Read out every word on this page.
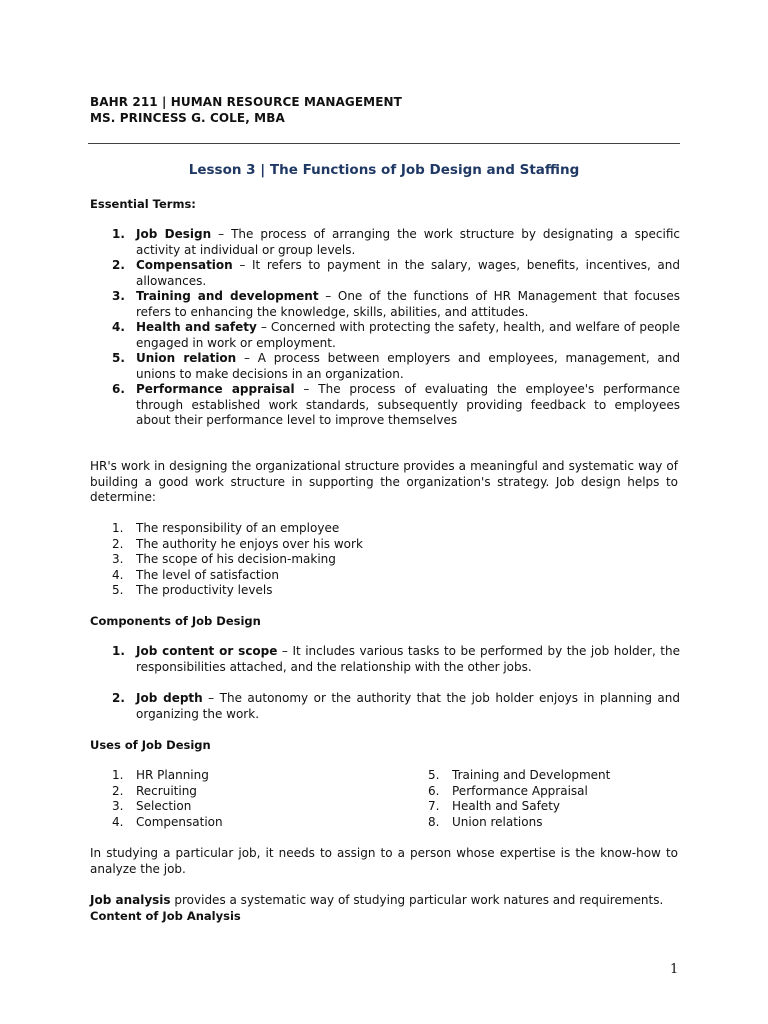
BAHR 211 | HUMAN RESOURCE MANAGEMENT
MS. PRINCESS G. COLE, MBA
Lesson 3 | The Functions of Job Design and Staffing
Essential Terms:
1. Job Design – The process of arranging the work structure by designating a specific activity at individual or group levels.
2. Compensation – It refers to payment in the salary, wages, benefits, incentives, and allowances.
3. Training and development – One of the functions of HR Management that focuses refers to enhancing the knowledge, skills, abilities, and attitudes.
4. Health and safety – Concerned with protecting the safety, health, and welfare of people engaged in work or employment.
5. Union relation – A process between employers and employees, management, and unions to make decisions in an organization.
6. Performance appraisal – The process of evaluating the employee's performance through established work standards, subsequently providing feedback to employees about their performance level to improve themselves
HR's work in designing the organizational structure provides a meaningful and systematic way of building a good work structure in supporting the organization's strategy. Job design helps to determine:
1. The responsibility of an employee
2. The authority he enjoys over his work
3. The scope of his decision-making
4. The level of satisfaction
5. The productivity levels
Components of Job Design
1. Job content or scope – It includes various tasks to be performed by the job holder, the responsibilities attached, and the relationship with the other jobs.
2. Job depth – The autonomy or the authority that the job holder enjoys in planning and organizing the work.
Uses of Job Design
1. HR Planning
2. Recruiting
3. Selection
4. Compensation
5. Training and Development
6. Performance Appraisal
7. Health and Safety
8. Union relations
In studying a particular job, it needs to assign to a person whose expertise is the know-how to analyze the job.
Job analysis provides a systematic way of studying particular work natures and requirements.
Content of Job Analysis
1
